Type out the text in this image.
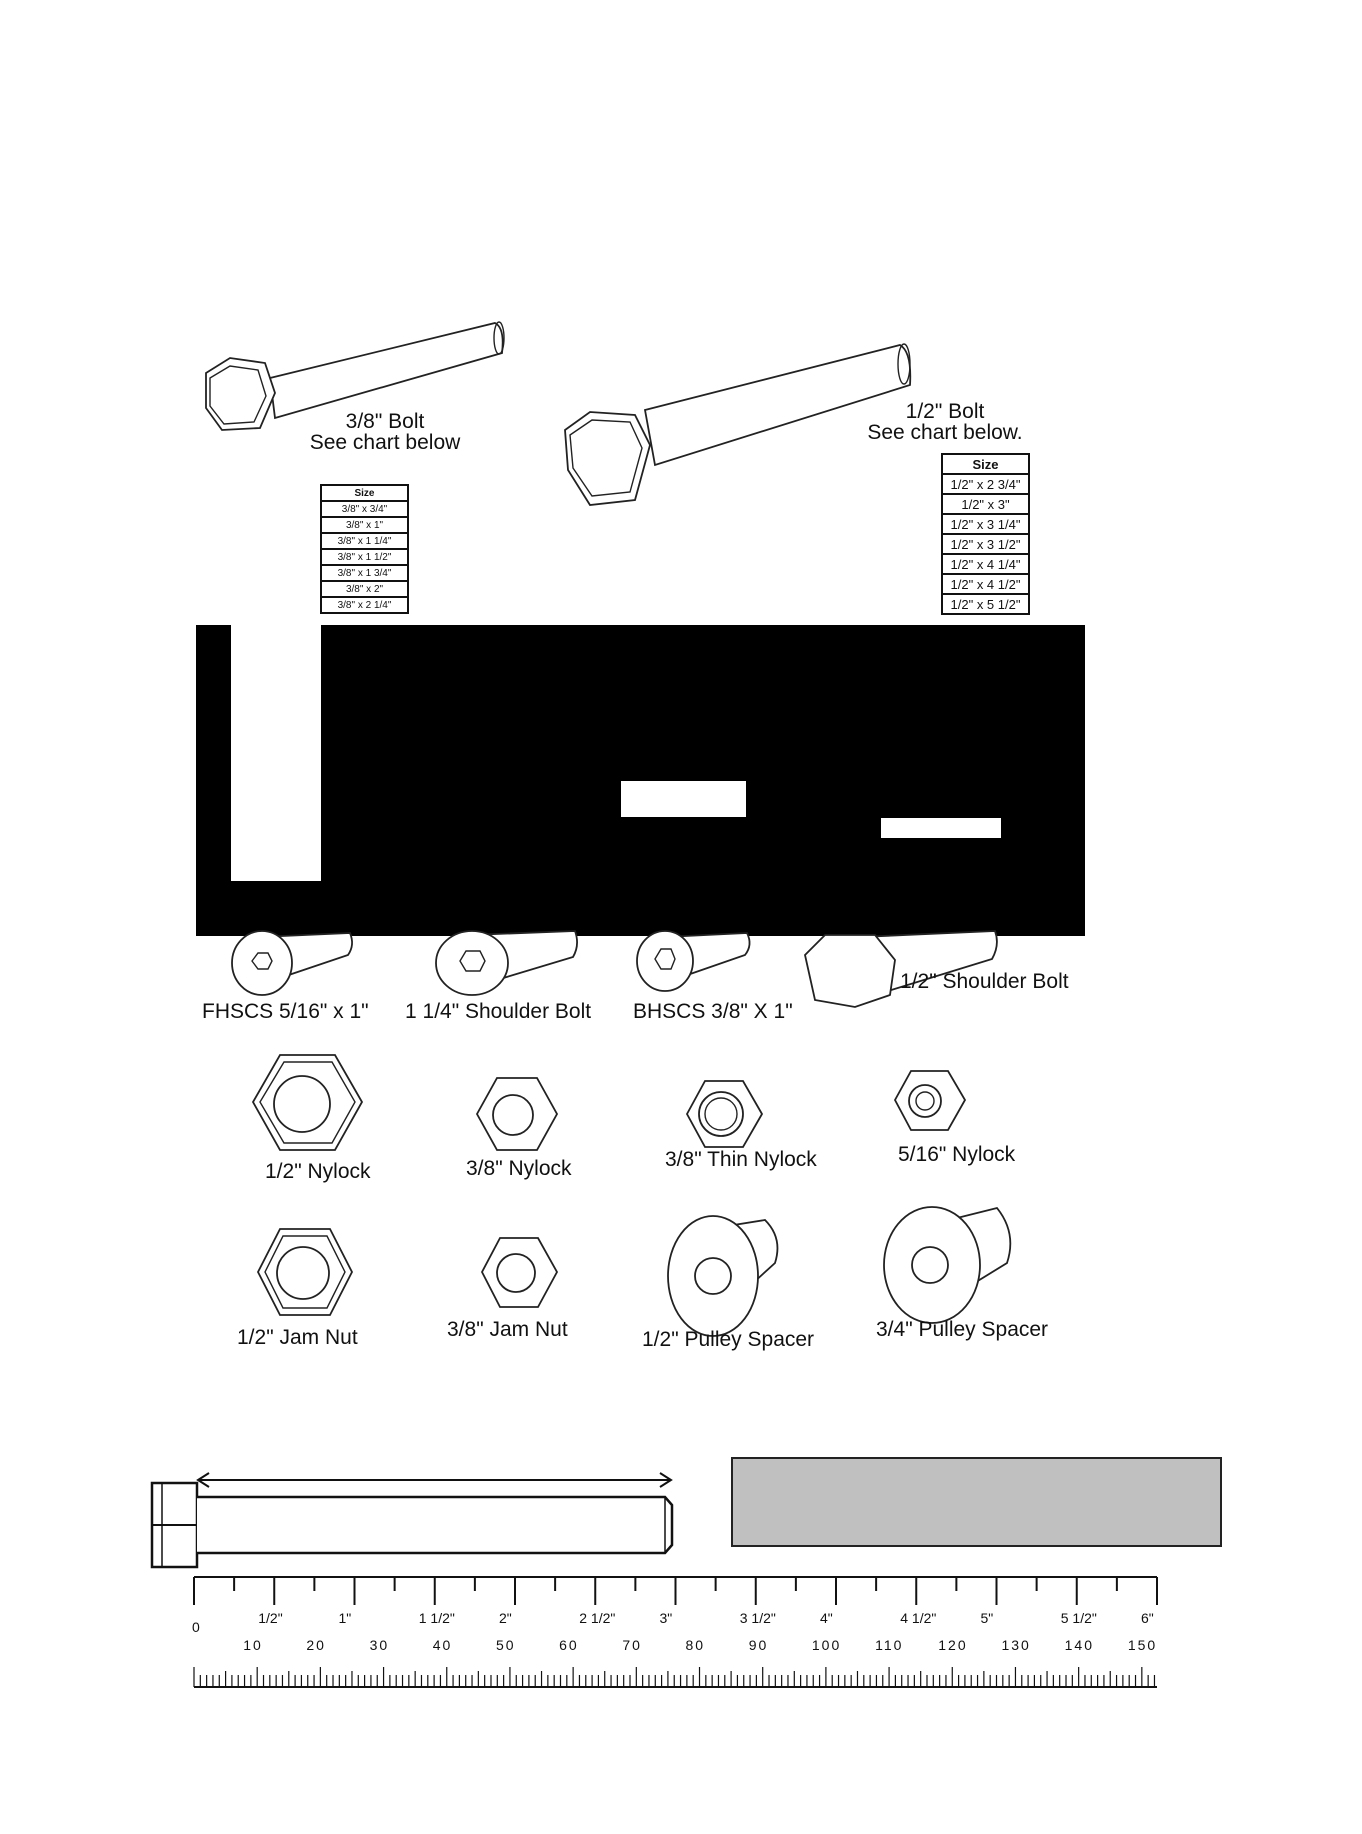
3/8" Bolt
See chart below
1/2" Bolt
See chart below.
Size
3/8" x 3/4"
3/8" x 1"
3/8" x 1 1/4"
3/8" x 1 1/2"
3/8" x 1 3/4"
3/8" x 2"
3/8" x 2 1/4"
Size
1/2" x 2 3/4"
1/2" x 3"
1/2" x 3 1/4"
1/2" x 3 1/2"
1/2" x 4 1/4"
1/2" x 4 1/2"
1/2" x 5 1/2"
FHSCS 5/16" x 1" 1 1/4" Shoulder Bolt BHSCS 3/8" X 1"
1/2" Shoulder Bolt
1/2" Nylock	3/8" Nylock	3/8" Thin Nylock	5/16" Nylock
1/2" Jam Nut	3/8" Jam Nut	1/2" Pulley Spacer	3/4" Pulley Spacer
0
1/2"	1"	1 1/2"	2"	2 1/2"	3"	3 1/2"	4"	4 1/2"	5"	5 1/2"	6"
10	20	30	40	50	60	70	80	90	100 110 120 130 140 150
